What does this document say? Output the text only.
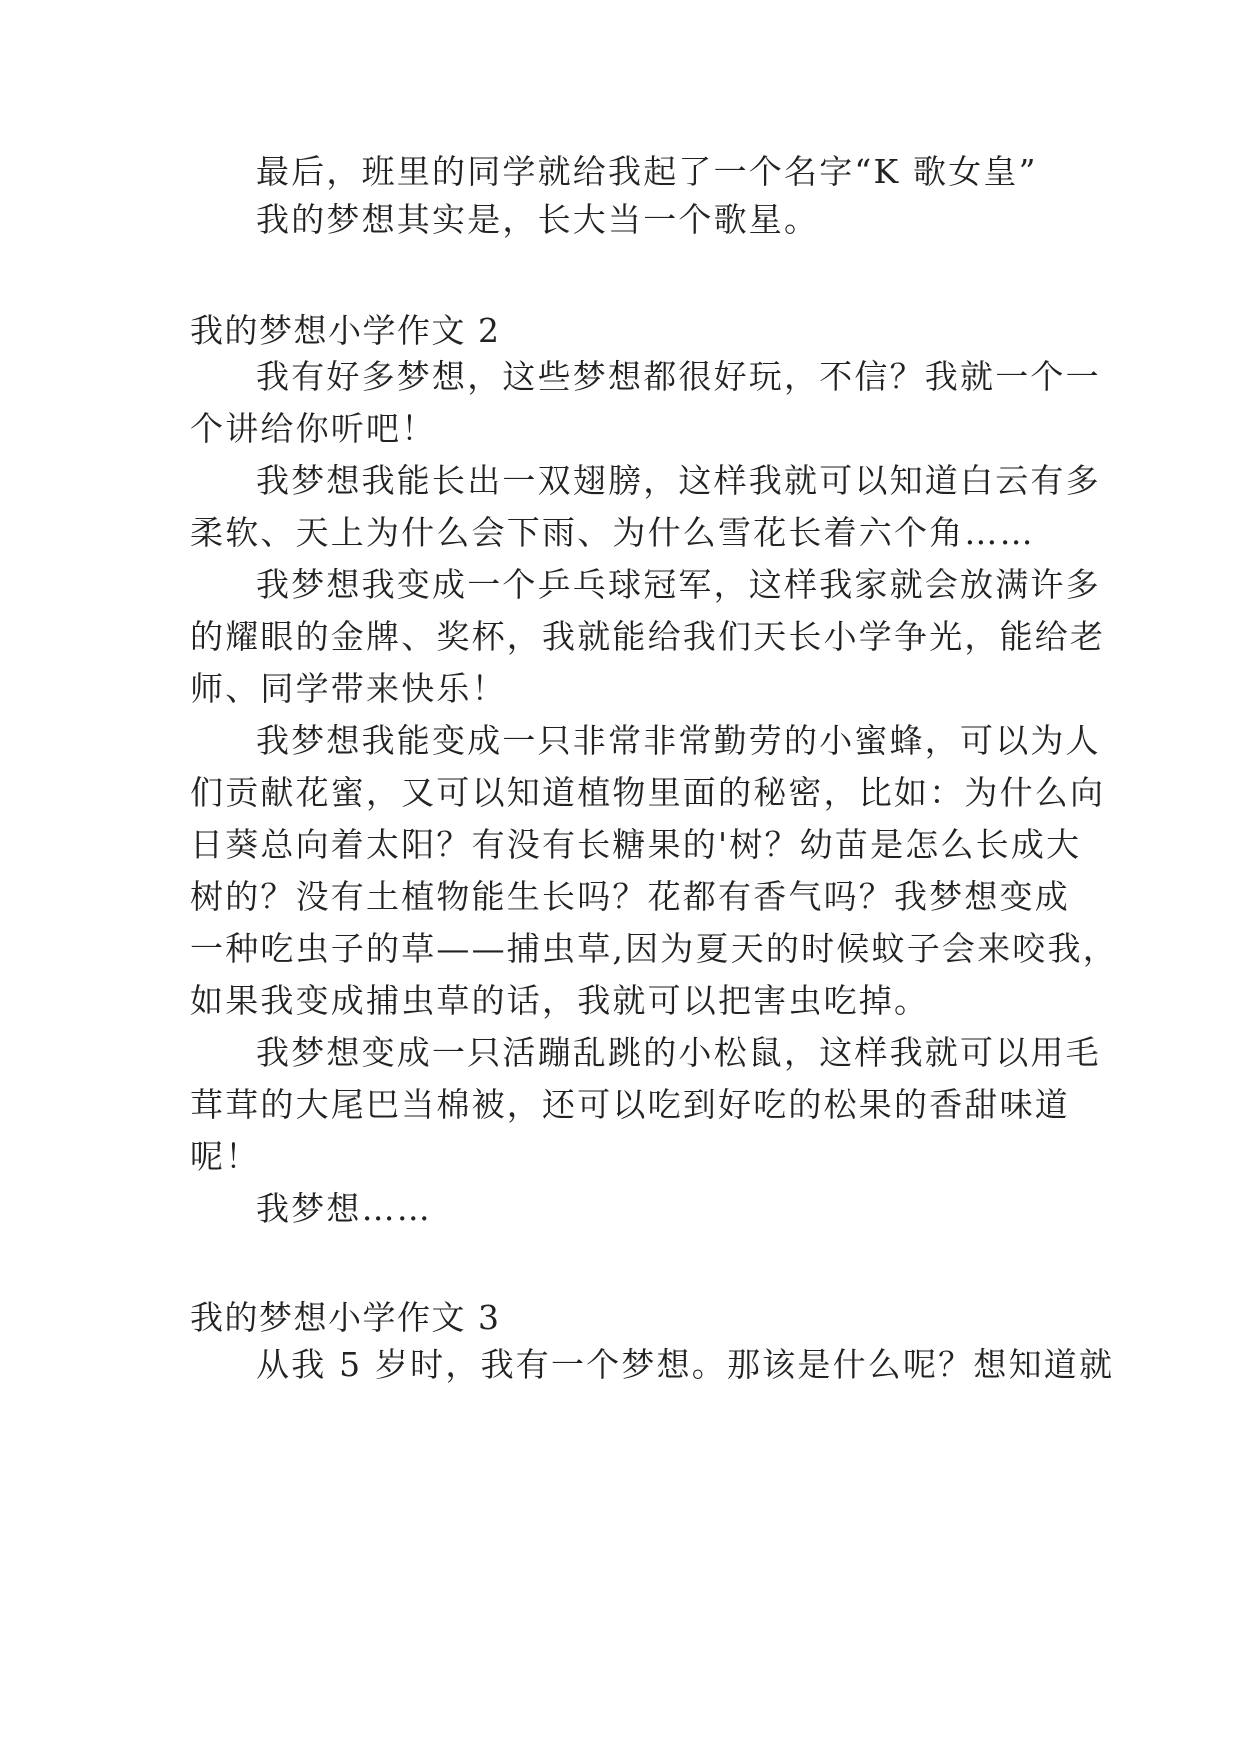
最后，班里的同学就给我起了一个名字“K 歌女皇”
我的梦想其实是，长大当一个歌星。
我的梦想小学作文 2
我有好多梦想，这些梦想都很好玩，不信？我就一个一
个讲给你听吧！
我梦想我能长出一双翅膀，这样我就可以知道白云有多
柔软、天上为什么会下雨、为什么雪花长着六个角……
我梦想我变成一个乒乓球冠军，这样我家就会放满许多
的耀眼的金牌、奖杯，我就能给我们天长小学争光，能给老
师、同学带来快乐！
我梦想我能变成一只非常非常勤劳的小蜜蜂，可以为人
们贡献花蜜，又可以知道植物里面的秘密，比如：为什么向
日葵总向着太阳？有没有长糖果的'树？幼苗是怎么长成大
树的？没有土植物能生长吗？花都有香气吗？我梦想变成
一种吃虫子的草——捕虫草,因为夏天的时候蚊子会来咬我，
如果我变成捕虫草的话，我就可以把害虫吃掉。
我梦想变成一只活蹦乱跳的小松鼠，这样我就可以用毛
茸茸的大尾巴当棉被，还可以吃到好吃的松果的香甜味道
呢！
我梦想……
我的梦想小学作文 3
从我 5 岁时，我有一个梦想。那该是什么呢？想知道就
